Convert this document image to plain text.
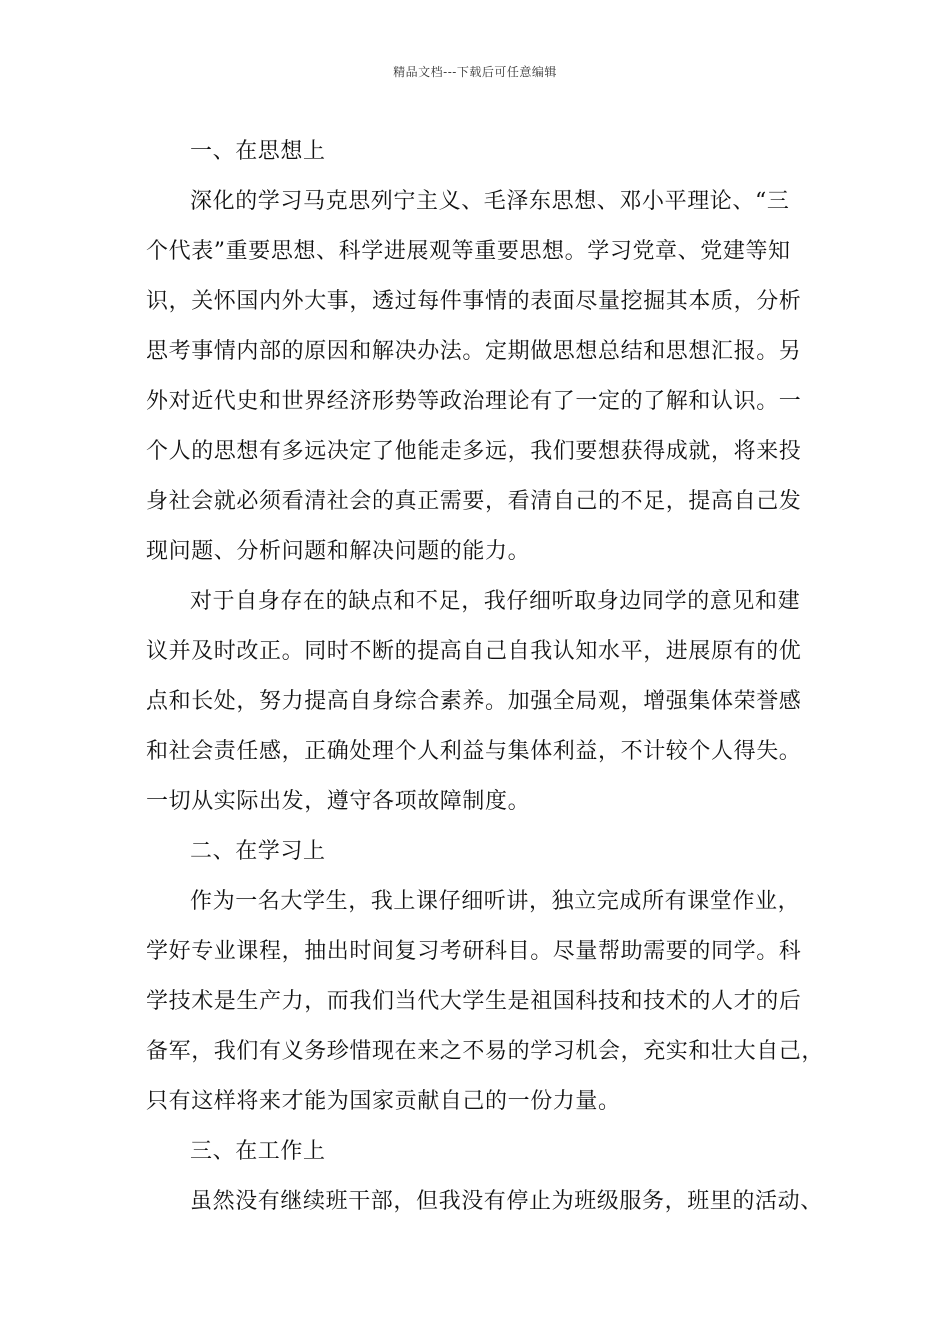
精品文档---下载后可任意编辑
一、在思想上
深化的学习马克思列宁主义、毛泽东思想、邓小平理论、“三
个代表”重要思想、科学进展观等重要思想。学习党章、党建等知
识，关怀国内外大事，透过每件事情的表面尽量挖掘其本质，分析
思考事情内部的原因和解决办法。定期做思想总结和思想汇报。另
外对近代史和世界经济形势等政治理论有了一定的了解和认识。一
个人的思想有多远决定了他能走多远，我们要想获得成就，将来投
身社会就必须看清社会的真正需要，看清自己的不足，提高自己发
现问题、分析问题和解决问题的能力。
对于自身存在的缺点和不足，我仔细听取身边同学的意见和建
议并及时改正。同时不断的提高自己自我认知水平，进展原有的优
点和长处，努力提高自身综合素养。加强全局观，增强集体荣誉感
和社会责任感，正确处理个人利益与集体利益，不计较个人得失。
一切从实际出发，遵守各项故障制度。
二、在学习上
作为一名大学生，我上课仔细听讲，独立完成所有课堂作业，
学好专业课程，抽出时间复习考研科目。尽量帮助需要的同学。科
学技术是生产力，而我们当代大学生是祖国科技和技术的人才的后
备军，我们有义务珍惜现在来之不易的学习机会，充实和壮大自己，
只有这样将来才能为国家贡献自己的一份力量。
三、在工作上
虽然没有继续班干部，但我没有停止为班级服务，班里的活动、
